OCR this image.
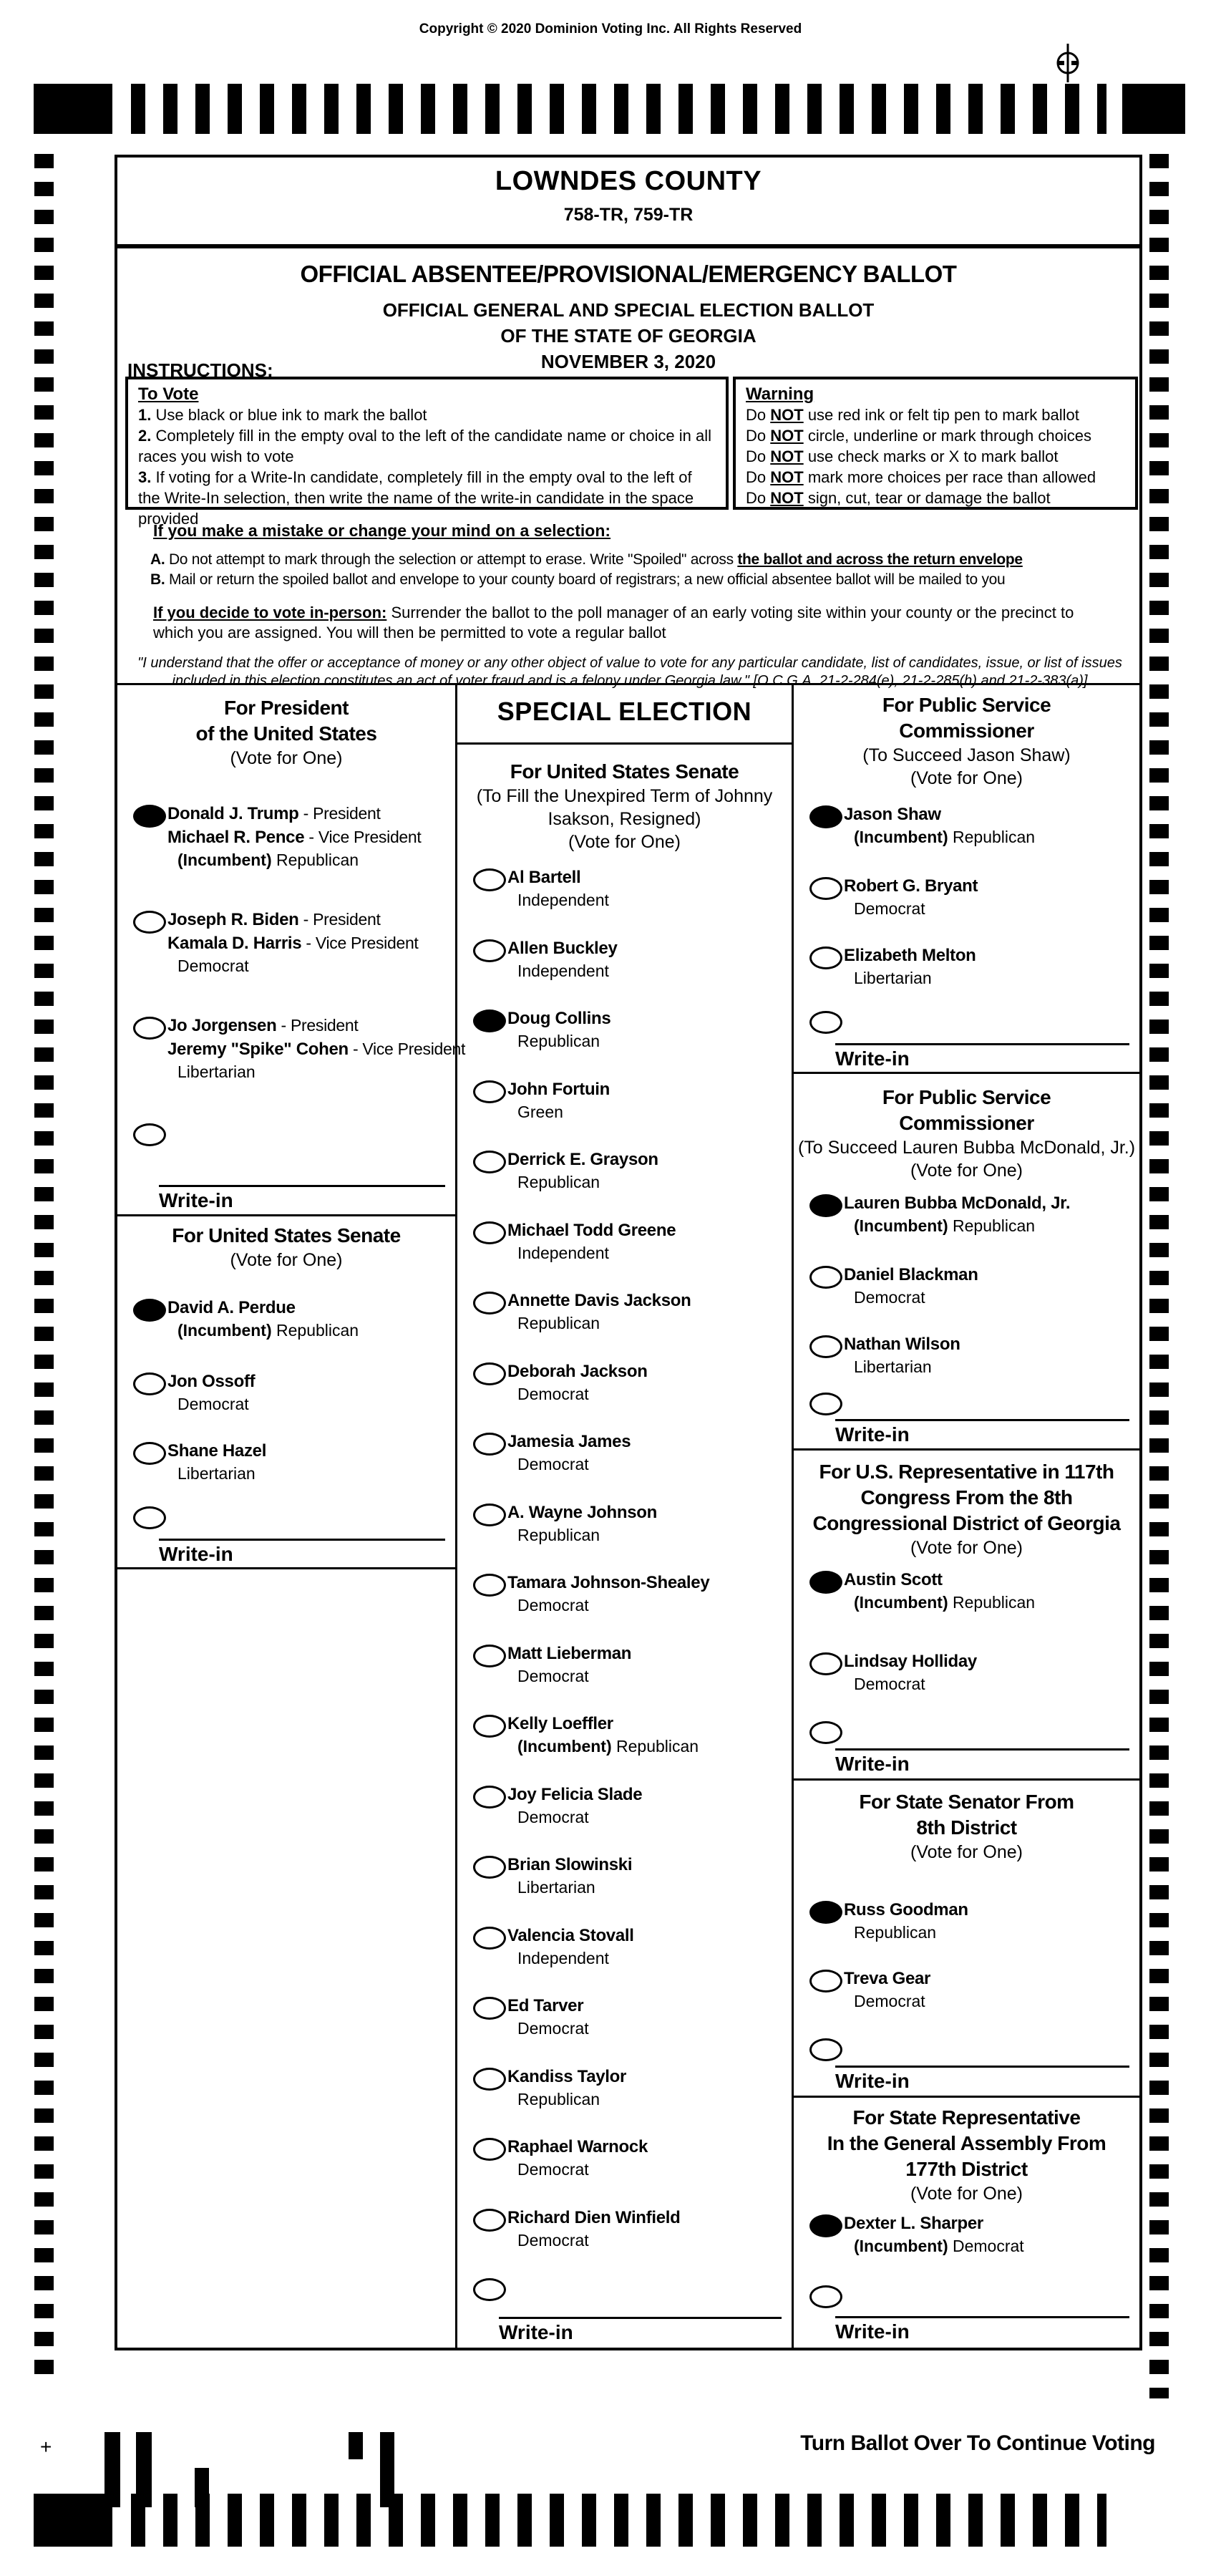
Copyright © 2020 Dominion Voting Inc. All Rights Reserved
LOWNDES COUNTY
758-TR, 759-TR
OFFICIAL ABSENTEE/PROVISIONAL/EMERGENCY BALLOT
OFFICIAL GENERAL AND SPECIAL ELECTION BALLOT
OF THE STATE OF GEORGIA
NOVEMBER 3, 2020
INSTRUCTIONS:
To Vote
1. Use black or blue ink to mark the ballot
2. Completely fill in the empty oval to the left of the candidate name or choice in all races you wish to vote
3. If voting for a Write-In candidate, completely fill in the empty oval to the left of the Write-In selection, then write the name of the write-in candidate in the space provided
Warning
Do NOT use red ink or felt tip pen to mark ballot
Do NOT circle, underline or mark through choices
Do NOT use check marks or X to mark ballot
Do NOT mark more choices per race than allowed
Do NOT sign, cut, tear or damage the ballot
If you make a mistake or change your mind on a selection:
A. Do not attempt to mark through the selection or attempt to erase. Write "Spoiled" across the ballot and across the return envelope
B. Mail or return the spoiled ballot and envelope to your county board of registrars; a new official absentee ballot will be mailed to you
If you decide to vote in-person: Surrender the ballot to the poll manager of an early voting site within your county or the precinct to which you are assigned. You will then be permitted to vote a regular ballot
"I understand that the offer or acceptance of money or any other object of value to vote for any particular candidate, list of candidates, issue, or list of issues included in this election constitutes an act of voter fraud and is a felony under Georgia law." [O.C.G.A. 21-2-284(e), 21-2-285(h) and 21-2-383(a)]
For President
of the United States
(Vote for One)
Donald J. Trump - President
Michael R. Pence - Vice President
(Incumbent) Republican
Joseph R. Biden - President
Kamala D. Harris - Vice President
Democrat
Jo Jorgensen - President
Jeremy "Spike" Cohen - Vice President
Libertarian
Write-in
For United States Senate
(Vote for One)
David A. Perdue
(Incumbent) Republican
Jon Ossoff
Democrat
Shane Hazel
Libertarian
Write-in
SPECIAL ELECTION
For United States Senate
(To Fill the Unexpired Term of Johnny
Isakson, Resigned)
(Vote for One)
Al Bartell
Independent
Allen Buckley
Independent
Doug Collins
Republican
John Fortuin
Green
Derrick E. Grayson
Republican
Michael Todd Greene
Independent
Annette Davis Jackson
Republican
Deborah Jackson
Democrat
Jamesia James
Democrat
A. Wayne Johnson
Republican
Tamara Johnson-Shealey
Democrat
Matt Lieberman
Democrat
Kelly Loeffler
(Incumbent) Republican
Joy Felicia Slade
Democrat
Brian Slowinski
Libertarian
Valencia Stovall
Independent
Ed Tarver
Democrat
Kandiss Taylor
Republican
Raphael Warnock
Democrat
Richard Dien Winfield
Democrat
Write-in
For Public Service
Commissioner
(To Succeed Jason Shaw)
(Vote for One)
Jason Shaw
(Incumbent) Republican
Robert G. Bryant
Democrat
Elizabeth Melton
Libertarian
Write-in
For Public Service
Commissioner
(To Succeed Lauren Bubba McDonald, Jr.)
(Vote for One)
Lauren Bubba McDonald, Jr.
(Incumbent) Republican
Daniel Blackman
Democrat
Nathan Wilson
Libertarian
Write-in
For U.S. Representative in 117th
Congress From the 8th
Congressional District of Georgia
(Vote for One)
Austin Scott
(Incumbent) Republican
Lindsay Holliday
Democrat
Write-in
For State Senator From
8th District
(Vote for One)
Russ Goodman
Republican
Treva Gear
Democrat
Write-in
For State Representative
In the General Assembly From
177th District
(Vote for One)
Dexter L. Sharper
(Incumbent) Democrat
Write-in
+
35
Turn Ballot Over To Continue Voting
